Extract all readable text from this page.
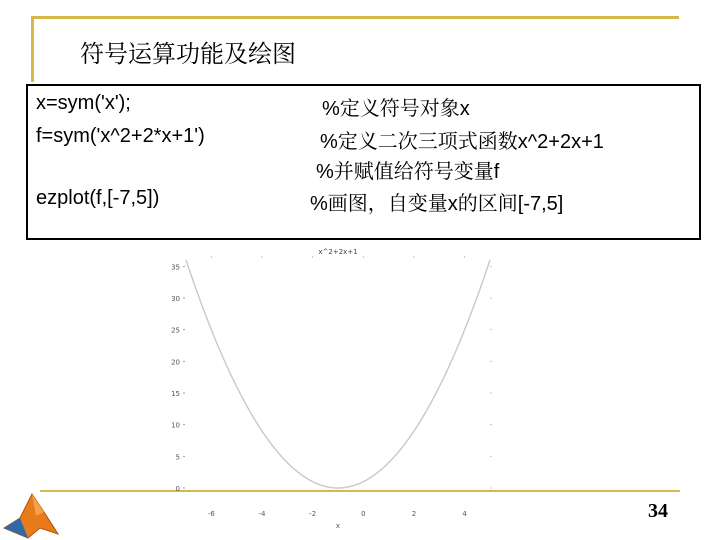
符号运算功能及绘图
x=sym('x');	%定义符号对象x
f=sym('x^2+2*x+1')	%定义二次三项式函数x^2+2x+1
%并赋值给符号变量f
ezplot(f,[-7,5])	%画图，自变量x的区间[-7,5]
x^2+2x+1
0
5
10
15
20
25
30
35
-6	-4	-2	0	2	4
x
34
